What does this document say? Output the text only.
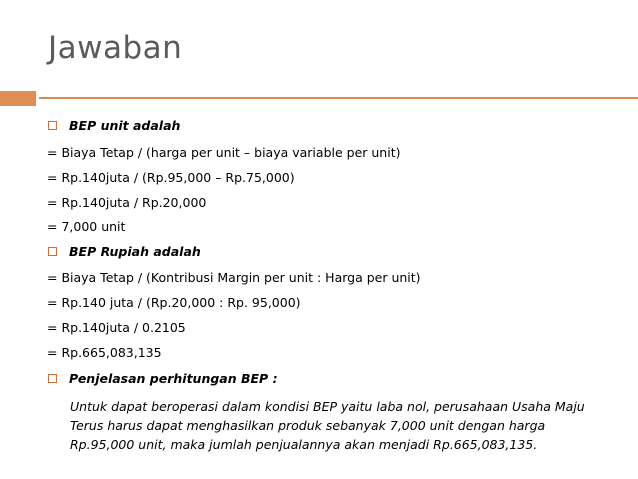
Jawaban
BEP unit adalah
= Biaya Tetap / (harga per unit – biaya variable per unit)
= Rp.140juta / (Rp.95,000 – Rp.75,000)
= Rp.140juta / Rp.20,000
= 7,000 unit
BEP Rupiah adalah
= Biaya Tetap / (Kontribusi Margin per unit : Harga per unit)
= Rp.140 juta / (Rp.20,000 : Rp. 95,000)
= Rp.140juta / 0.2105
= Rp.665,083,135
Penjelasan perhitungan BEP :
Untuk dapat beroperasi dalam kondisi BEP yaitu laba nol, perusahaan Usaha Maju
Terus harus dapat menghasilkan produk sebanyak 7,000 unit dengan harga
Rp.95,000 unit, maka jumlah penjualannya akan menjadi Rp.665,083,135.
